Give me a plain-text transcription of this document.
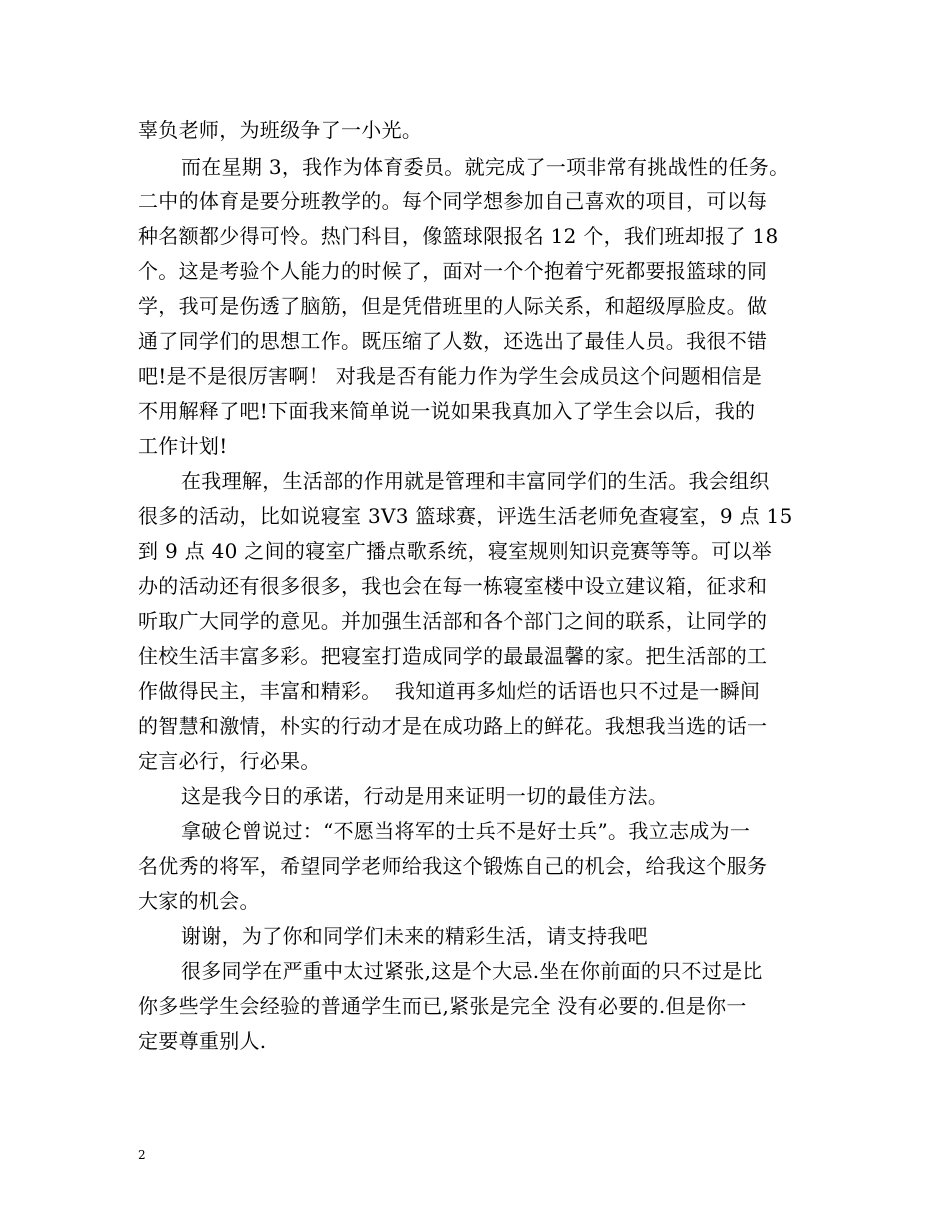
辜负老师，为班级争了一小光。
而在星期 3，我作为体育委员。就完成了一项非常有挑战性的任务。
二中的体育是要分班教学的。每个同学想参加自己喜欢的项目，可以每
种名额都少得可怜。热门科目，像篮球限报名 12 个，我们班却报了 18
个。这是考验个人能力的时候了，面对一个个抱着宁死都要报篮球的同
学，我可是伤透了脑筋，但是凭借班里的人际关系，和超级厚脸皮。做
通了同学们的思想工作。既压缩了人数，还选出了最佳人员。我很不错
吧!是不是很厉害啊！ 对我是否有能力作为学生会成员这个问题相信是
不用解释了吧!下面我来简单说一说如果我真加入了学生会以后，我的
工作计划!
在我理解，生活部的作用就是管理和丰富同学们的生活。我会组织
很多的活动，比如说寝室 3V3 篮球赛，评选生活老师免查寝室，9 点 15
到 9 点 40 之间的寝室广播点歌系统，寝室规则知识竞赛等等。可以举
办的活动还有很多很多，我也会在每一栋寝室楼中设立建议箱，征求和
听取广大同学的意见。并加强生活部和各个部门之间的联系，让同学的
住校生活丰富多彩。把寝室打造成同学的最最温馨的家。把生活部的工
作做得民主，丰富和精彩。  我知道再多灿烂的话语也只不过是一瞬间
的智慧和激情，朴实的行动才是在成功路上的鲜花。我想我当选的话一
定言必行，行必果。
这是我今日的承诺，行动是用来证明一切的最佳方法。
拿破仑曾说过：“不愿当将军的士兵不是好士兵”。我立志成为一
名优秀的将军，希望同学老师给我这个锻炼自己的机会，给我这个服务
大家的机会。
谢谢，为了你和同学们未来的精彩生活，请支持我吧
很多同学在严重中太过紧张,这是个大忌.坐在你前面的只不过是比
你多些学生会经验的普通学生而已,紧张是完全 没有必要的.但是你一
定要尊重别人.
2
